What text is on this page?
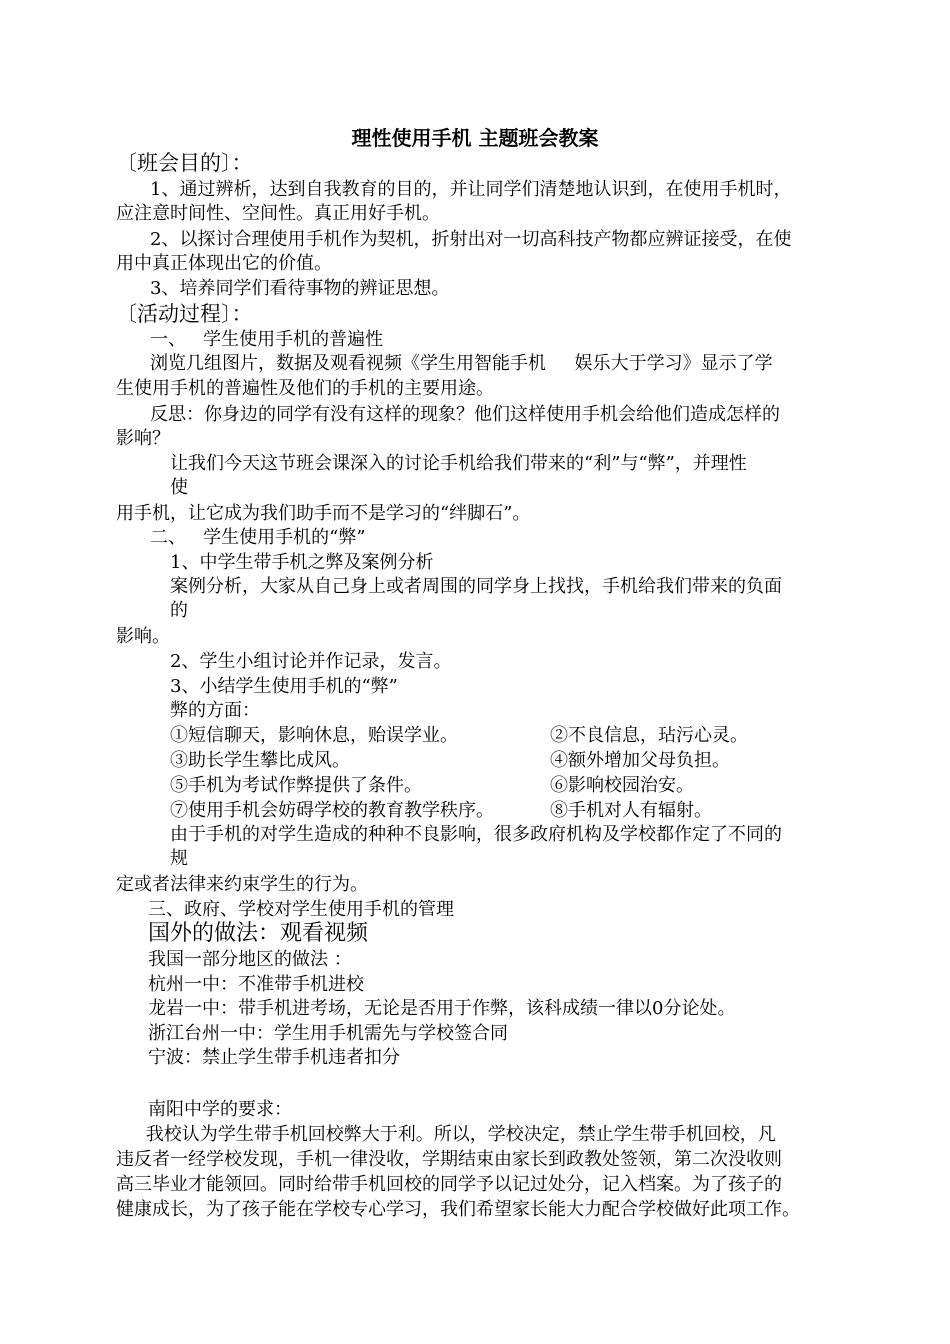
理性使用手机 主题班会教案
〔班会目的〕：
1、通过辨析，达到自我教育的目的，并让同学们清楚地认识到，在使用手机时，
应注意时间性、空间性。真正用好手机。
2、以探讨合理使用手机作为契机，折射出对一切高科技产物都应辨证接受，在使
用中真正体现出它的价值。
3、培养同学们看待事物的辨证思想。
〔活动过程〕：
一、   学生使用手机的普遍性
浏览几组图片，数据及观看视频《学生用智能手机     娱乐大于学习》显示了学
生使用手机的普遍性及他们的手机的主要用途。
反思：你身边的同学有没有这样的现象？他们这样使用手机会给他们造成怎样的
影响？
让我们今天这节班会课深入的讨论手机给我们带来的“利”与“弊”，并理性
使
用手机，让它成为我们助手而不是学习的“绊脚石”。
二、   学生使用手机的“弊”
1、中学生带手机之弊及案例分析
案例分析，大家从自己身上或者周围的同学身上找找，手机给我们带来的负面
的
影响。
2、学生小组讨论并作记录，发言。
3、小结学生使用手机的“弊”
弊的方面：
①短信聊天，影响休息，贻误学业。	②不良信息，玷污心灵。
③助长学生攀比成风。	④额外增加父母负担。
⑤手机为考试作弊提供了条件。	⑥影响校园治安。
⑦使用手机会妨碍学校的教育教学秩序。	⑧手机对人有辐射。
由于手机的对学生造成的种种不良影响，很多政府机构及学校都作定了不同的
规
定或者法律来约束学生的行为。
三、政府、学校对学生使用手机的管理
国外的做法：观看视频
我国一部分地区的做法 ：
杭州一中：不准带手机进校
龙岩一中：带手机进考场，无论是否用于作弊，该科成绩一律以0分论处。
浙江台州一中：学生用手机需先与学校签合同
宁波：禁止学生带手机违者扣分
南阳中学的要求：
我校认为学生带手机回校弊大于利。所以，学校决定，禁止学生带手机回校，凡
违反者一经学校发现，手机一律没收，学期结束由家长到政教处签领，第二次没收则
高三毕业才能领回。同时给带手机回校的同学予以记过处分，记入档案。为了孩子的
健康成长，为了孩子能在学校专心学习，我们希望家长能大力配合学校做好此项工作。
